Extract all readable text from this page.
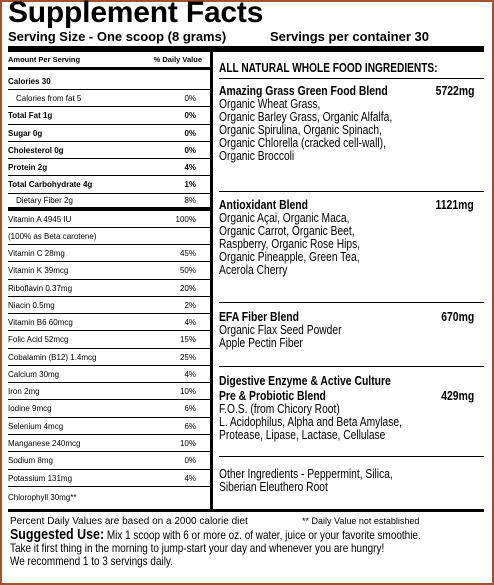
Supplement Facts
Serving Size - One scoop (8 grams)	Servings per container 30
Amount Per Serving	% Daily Value
Calories 30
Calories from fat 5	0%
Total Fat 1g	0%
Sugar 0g	0%
Cholesterol 0g	0%
Protein 2g	4%
Total Carbohydrate 4g	1%
Dietary Fiber 2g	8%
Vitamin A 4945 IU	100%
(100% as Beta carotene)
Vitamin C 28mg	45%
Vitamin K 39mcg	50%
Riboflavin 0.37mg	20%
Niacin 0.5mg	2%
Vitamin B6 60mcg	4%
Folic Acid 52mcg	15%
Cobalamin (B12) 1.4mcg	25%
Calcium 30mg	4%
Iron 2mg	10%
Iodine 9mcg	6%
Selenium 4mcg	6%
Manganese 240mcg	10%
Sodium 8mg	0%
Potassium 131mg	4%
Chlorophyll 30mg**
ALL NATURAL WHOLE FOOD INGREDIENTS:
Amazing Grass Green Food Blend	5722mg
Organic Wheat Grass,
Organic Barley Grass, Organic Alfalfa,
Organic Spirulina, Organic Spinach,
Organic Chlorella (cracked cell-wall),
Organic Broccoli
Antioxidant Blend	1121mg
Organic Açai, Organic Maca,
Organic Carrot, Organic Beet,
Raspberry, Organic Rose Hips,
Organic Pineapple, Green Tea,
Acerola Cherry
EFA Fiber Blend	670mg
Organic Flax Seed Powder
Apple Pectin Fiber
Digestive Enzyme & Active Culture
Pre & Probiotic Blend	429mg
F.O.S. (from Chicory Root)
L. Acidophilus, Alpha and Beta Amylase,
Protease, Lipase, Lactase, Cellulase
Other Ingredients - Peppermint, Silica,
Siberian Eleuthero Root
Percent Daily Values are based on a 2000 calorie diet	** Daily Value not established
Suggested Use: Mix 1 scoop with 6 or more oz. of water, juice or your favorite smoothie.
Take it first thing in the morning to jump-start your day and whenever you are hungry!
We recommend 1 to 3 servings daily.
